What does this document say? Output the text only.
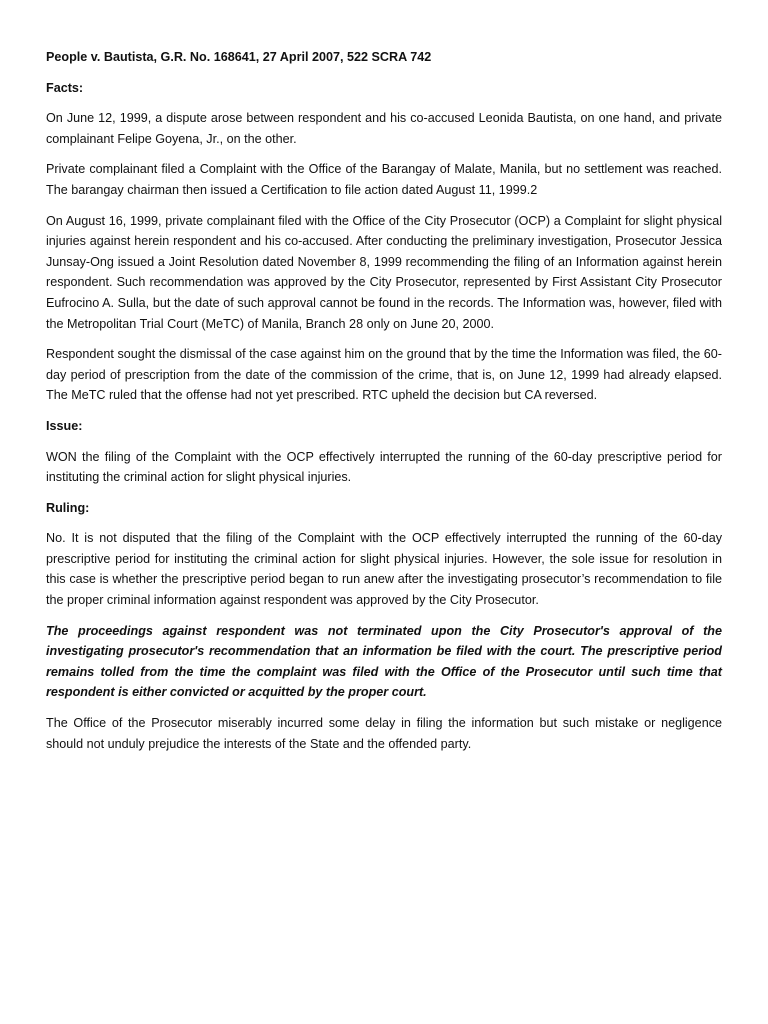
People v. Bautista, G.R. No. 168641, 27 April 2007, 522 SCRA 742
Facts:

On June 12, 1999, a dispute arose between respondent and his co-accused Leonida Bautista, on one hand, and private complainant Felipe Goyena, Jr., on the other.

Private complainant filed a Complaint with the Office of the Barangay of Malate, Manila, but no settlement was reached. The barangay chairman then issued a Certification to file action dated August 11, 1999.2

On August 16, 1999, private complainant filed with the Office of the City Prosecutor (OCP) a Complaint for slight physical injuries against herein respondent and his co-accused. After conducting the preliminary investigation, Prosecutor Jessica Junsay-Ong issued a Joint Resolution dated November 8, 1999 recommending the filing of an Information against herein respondent. Such recommendation was approved by the City Prosecutor, represented by First Assistant City Prosecutor Eufrocino A. Sulla, but the date of such approval cannot be found in the records. The Information was, however, filed with the Metropolitan Trial Court (MeTC) of Manila, Branch 28 only on June 20, 2000.

Respondent sought the dismissal of the case against him on the ground that by the time the Information was filed, the 60-day period of prescription from the date of the commission of the crime, that is, on June 12, 1999 had already elapsed. The MeTC ruled that the offense had not yet prescribed. RTC upheld the decision but CA reversed.

Issue:

WON the filing of the Complaint with the OCP effectively interrupted the running of the 60-day prescriptive period for instituting the criminal action for slight physical injuries.

Ruling:

No. It is not disputed that the filing of the Complaint with the OCP effectively interrupted the running of the 60-day prescriptive period for instituting the criminal action for slight physical injuries. However, the sole issue for resolution in this case is whether the prescriptive period began to run anew after the investigating prosecutor’s recommendation to file the proper criminal information against respondent was approved by the City Prosecutor.

The proceedings against respondent was not terminated upon the City Prosecutor's approval of the investigating prosecutor's recommendation that an information be filed with the court. The prescriptive period remains tolled from the time the complaint was filed with the Office of the Prosecutor until such time that respondent is either convicted or acquitted by the proper court.

The Office of the Prosecutor miserably incurred some delay in filing the information but such mistake or negligence should not unduly prejudice the interests of the State and the offended party.
